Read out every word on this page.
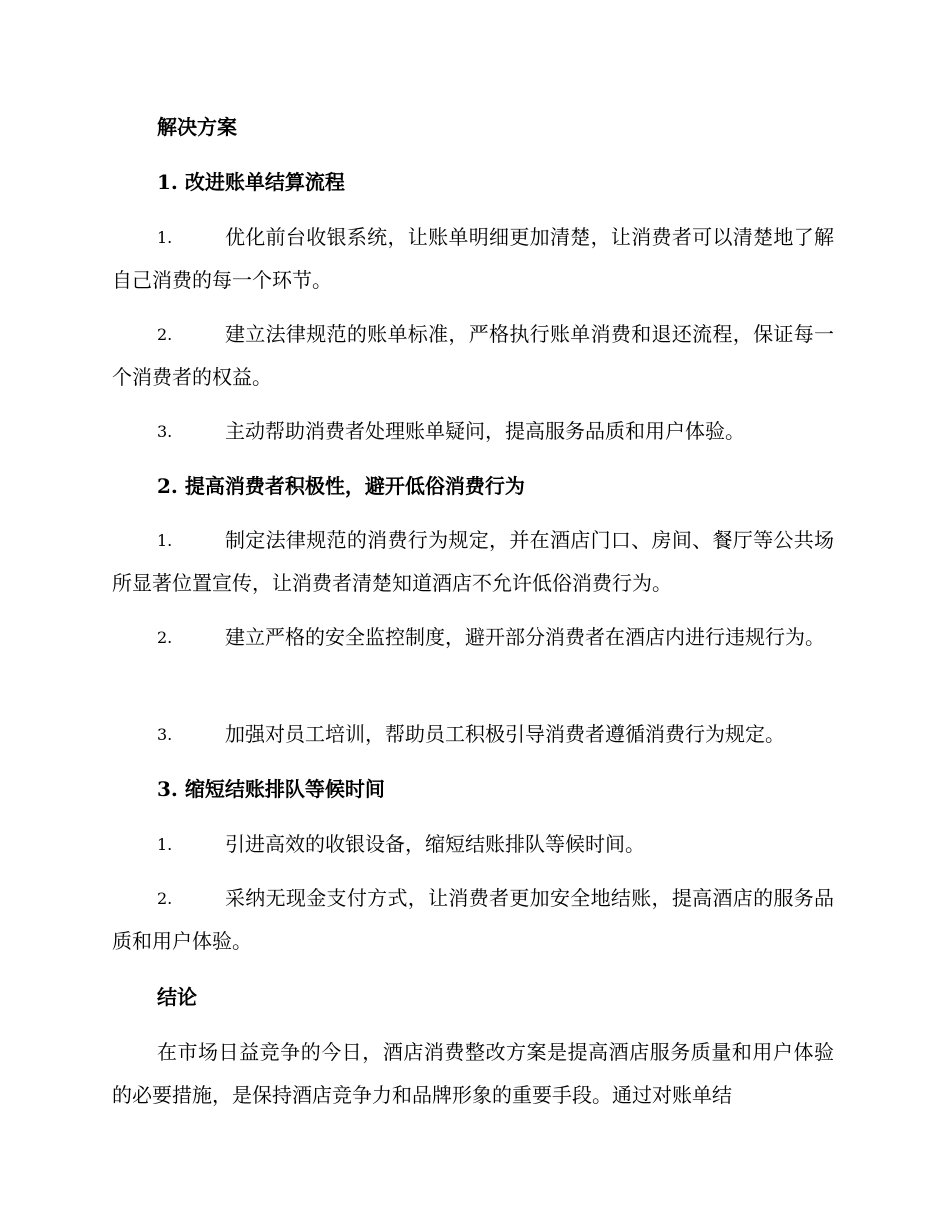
解决方案
1. 改进账单结算流程
1.	优化前台收银系统，让账单明细更加清楚，让消费者可以清楚地了解自己消费的每一个环节。
2.	建立法律规范的账单标准，严格执行账单消费和退还流程，保证每一个消费者的权益。
3.	主动帮助消费者处理账单疑问，提高服务品质和用户体验。
2. 提高消费者积极性，避开低俗消费行为
1.	制定法律规范的消费行为规定，并在酒店门口、房间、餐厅等公共场所显著位置宣传，让消费者清楚知道酒店不允许低俗消费行为。
2.	建立严格的安全监控制度，避开部分消费者在酒店内进行违规行为。
3.	加强对员工培训，帮助员工积极引导消费者遵循消费行为规定。
3. 缩短结账排队等候时间
1.	引进高效的收银设备，缩短结账排队等候时间。
2.	采纳无现金支付方式，让消费者更加安全地结账，提高酒店的服务品质和用户体验。
结论
在市场日益竞争的今日，酒店消费整改方案是提高酒店服务质量和用户体验的必要措施，是保持酒店竞争力和品牌形象的重要手段。通过对账单结
